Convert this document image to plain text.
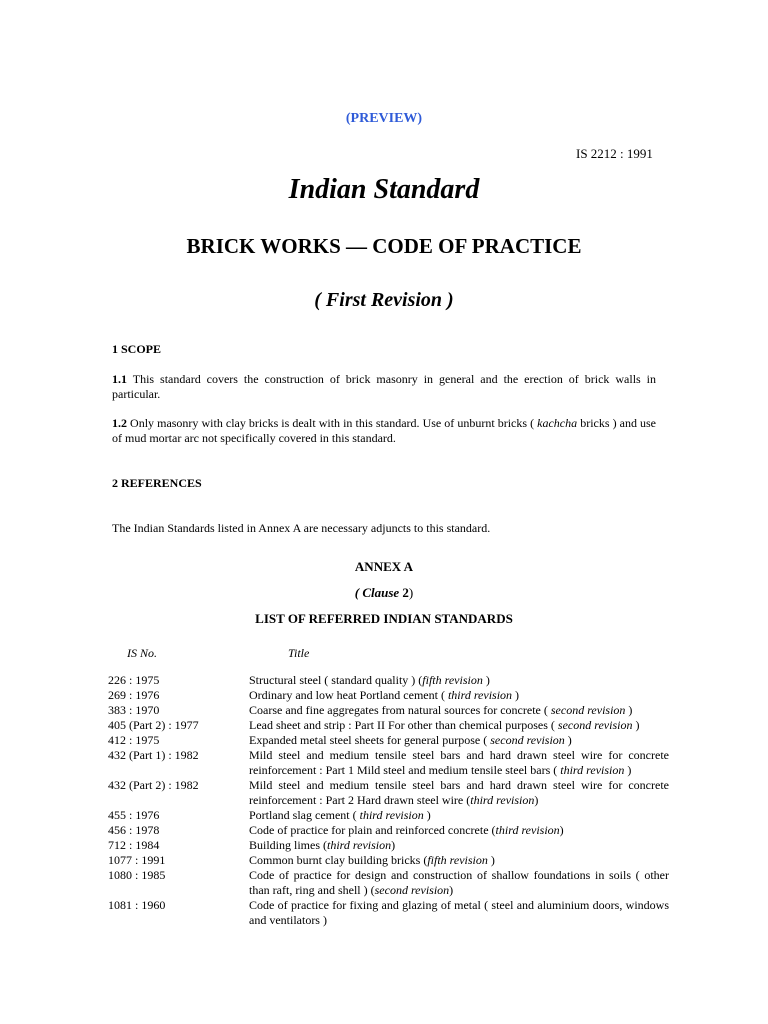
(PREVIEW)
IS 2212 : 1991
Indian Standard
BRICK WORKS — CODE OF PRACTICE
( First Revision )
1 SCOPE
1.1 This standard covers the construction of brick masonry in general and the erection of brick walls in particular.
1.2 Only masonry with clay bricks is dealt with in this standard. Use of unburnt bricks ( kachcha bricks ) and use of mud mortar arc not specifically covered in this standard.
2 REFERENCES
The Indian Standards listed in Annex A are necessary adjuncts to this standard.
ANNEX A
( Clause 2)
LIST OF REFERRED INDIAN STANDARDS
IS No.	Title
226 : 1975	Structural steel ( standard quality ) (fifth revision )
269 : 1976	Ordinary and low heat Portland cement ( third revision )
383 : 1970	Coarse and fine aggregates from natural sources for concrete ( second revision )
405 (Part 2) : 1977	Lead sheet and strip : Part II For other than chemical purposes ( second revision )
412 : 1975	Expanded metal steel sheets for general purpose ( second revision )
432 (Part 1) : 1982	Mild steel and medium tensile steel bars and hard drawn steel wire for concrete reinforcement : Part 1 Mild steel and medium tensile steel bars ( third revision )
432 (Part 2) : 1982	Mild steel and medium tensile steel bars and hard drawn steel wire for concrete reinforcement : Part 2 Hard drawn steel wire (third revision)
455 : 1976	Portland slag cement ( third revision )
456 : 1978	Code of practice for plain and reinforced concrete (third revision)
712 : 1984	Building limes (third revision)
1077 : 1991	Common burnt clay building bricks (fifth revision )
1080 : 1985	Code of practice for design and construction of shallow foundations in soils ( other than raft, ring and shell ) (second revision)
1081 : 1960	Code of practice for fixing and glazing of metal ( steel and aluminium doors, windows and ventilators )
